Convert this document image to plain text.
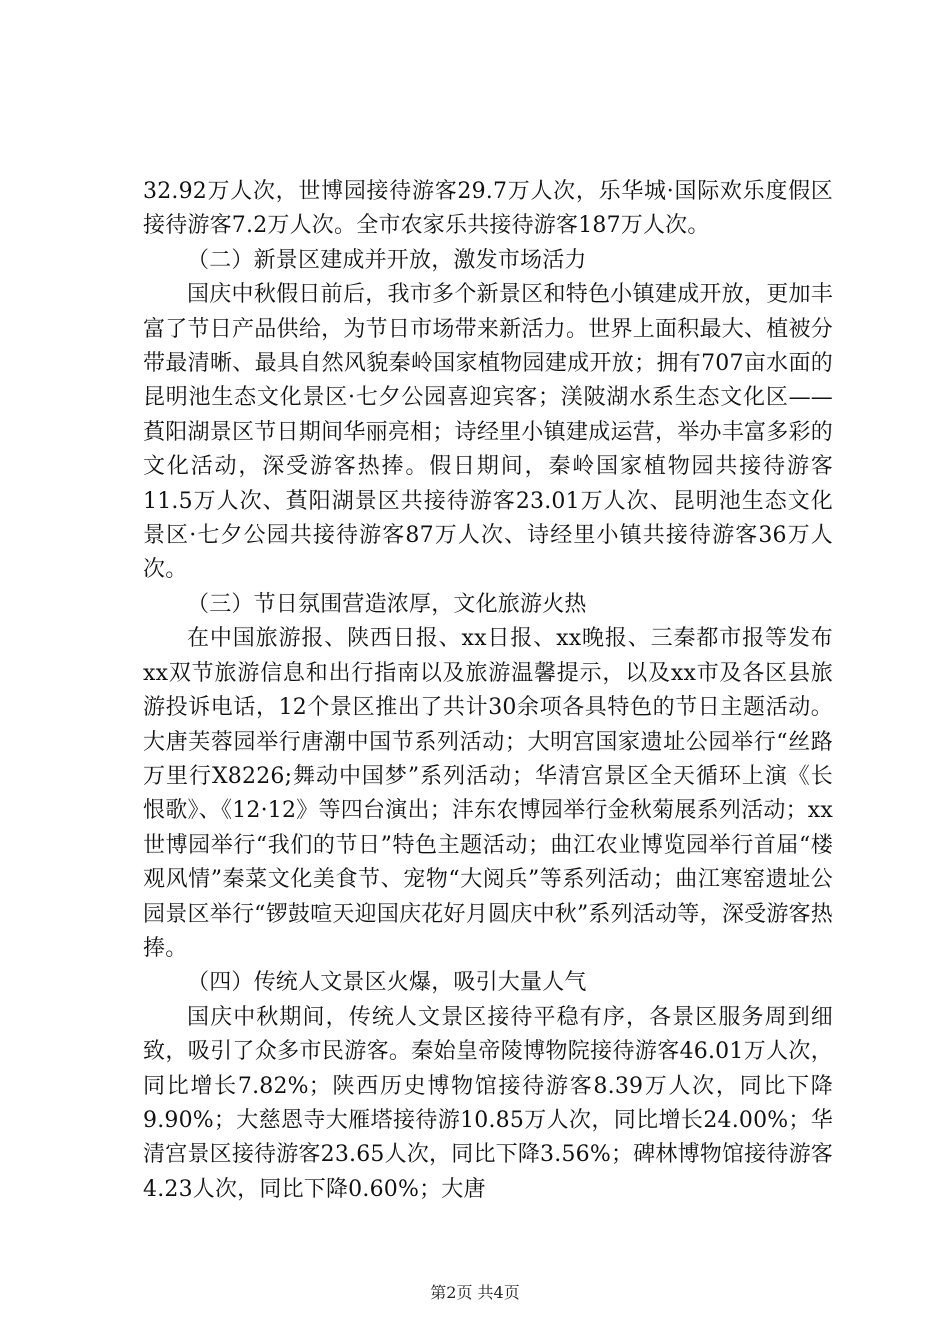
32.92万人次，世博园接待游客29.7万人次，乐华城·国际欢乐度假区接待游客7.2万人次。全市农家乐共接待游客187万人次。

（二）新景区建成并开放，激发市场活力

国庆中秋假日前后，我市多个新景区和特色小镇建成开放，更加丰富了节日产品供给，为节日市场带来新活力。世界上面积最大、植被分带最清晰、最具自然风貌秦岭国家植物园建成开放；拥有707亩水面的昆明池生态文化景区·七夕公园喜迎宾客；渼陂湖水系生态文化区——萯阳湖景区节日期间华丽亮相；诗经里小镇建成运营，举办丰富多彩的文化活动，深受游客热捧。假日期间，秦岭国家植物园共接待游客11.5万人次、萯阳湖景区共接待游客23.01万人次、昆明池生态文化景区·七夕公园共接待游客87万人次、诗经里小镇共接待游客36万人次。

（三）节日氛围营造浓厚，文化旅游火热

在中国旅游报、陕西日报、xx日报、xx晚报、三秦都市报等发布xx双节旅游信息和出行指南以及旅游温馨提示，以及xx市及各区县旅游投诉电话，12个景区推出了共计30余项各具特色的节日主题活动。大唐芙蓉园举行唐潮中国节系列活动；大明宫国家遗址公园举行“丝路万里行X8226;舞动中国梦”系列活动；华清宫景区全天循环上演《长恨歌》、《12·12》等四台演出；沣东农博园举行金秋菊展系列活动；xx世博园举行“我们的节日”特色主题活动；曲江农业博览园举行首届“楼观风情”秦菜文化美食节、宠物“大阅兵”等系列活动；曲江寒窑遗址公园景区举行“锣鼓喧天迎国庆花好月圆庆中秋”系列活动等，深受游客热捧。

（四）传统人文景区火爆，吸引大量人气

国庆中秋期间，传统人文景区接待平稳有序，各景区服务周到细致，吸引了众多市民游客。秦始皇帝陵博物院接待游客46.01万人次，同比增长7.82%；陕西历史博物馆接待游客8.39万人次，同比下降9.90%；大慈恩寺大雁塔接待游10.85万人次，同比增长24.00%；华清宫景区接待游客23.65人次，同比下降3.56%；碑林博物馆接待游客4.23人次，同比下降0.60%；大唐

第2页 共4页
